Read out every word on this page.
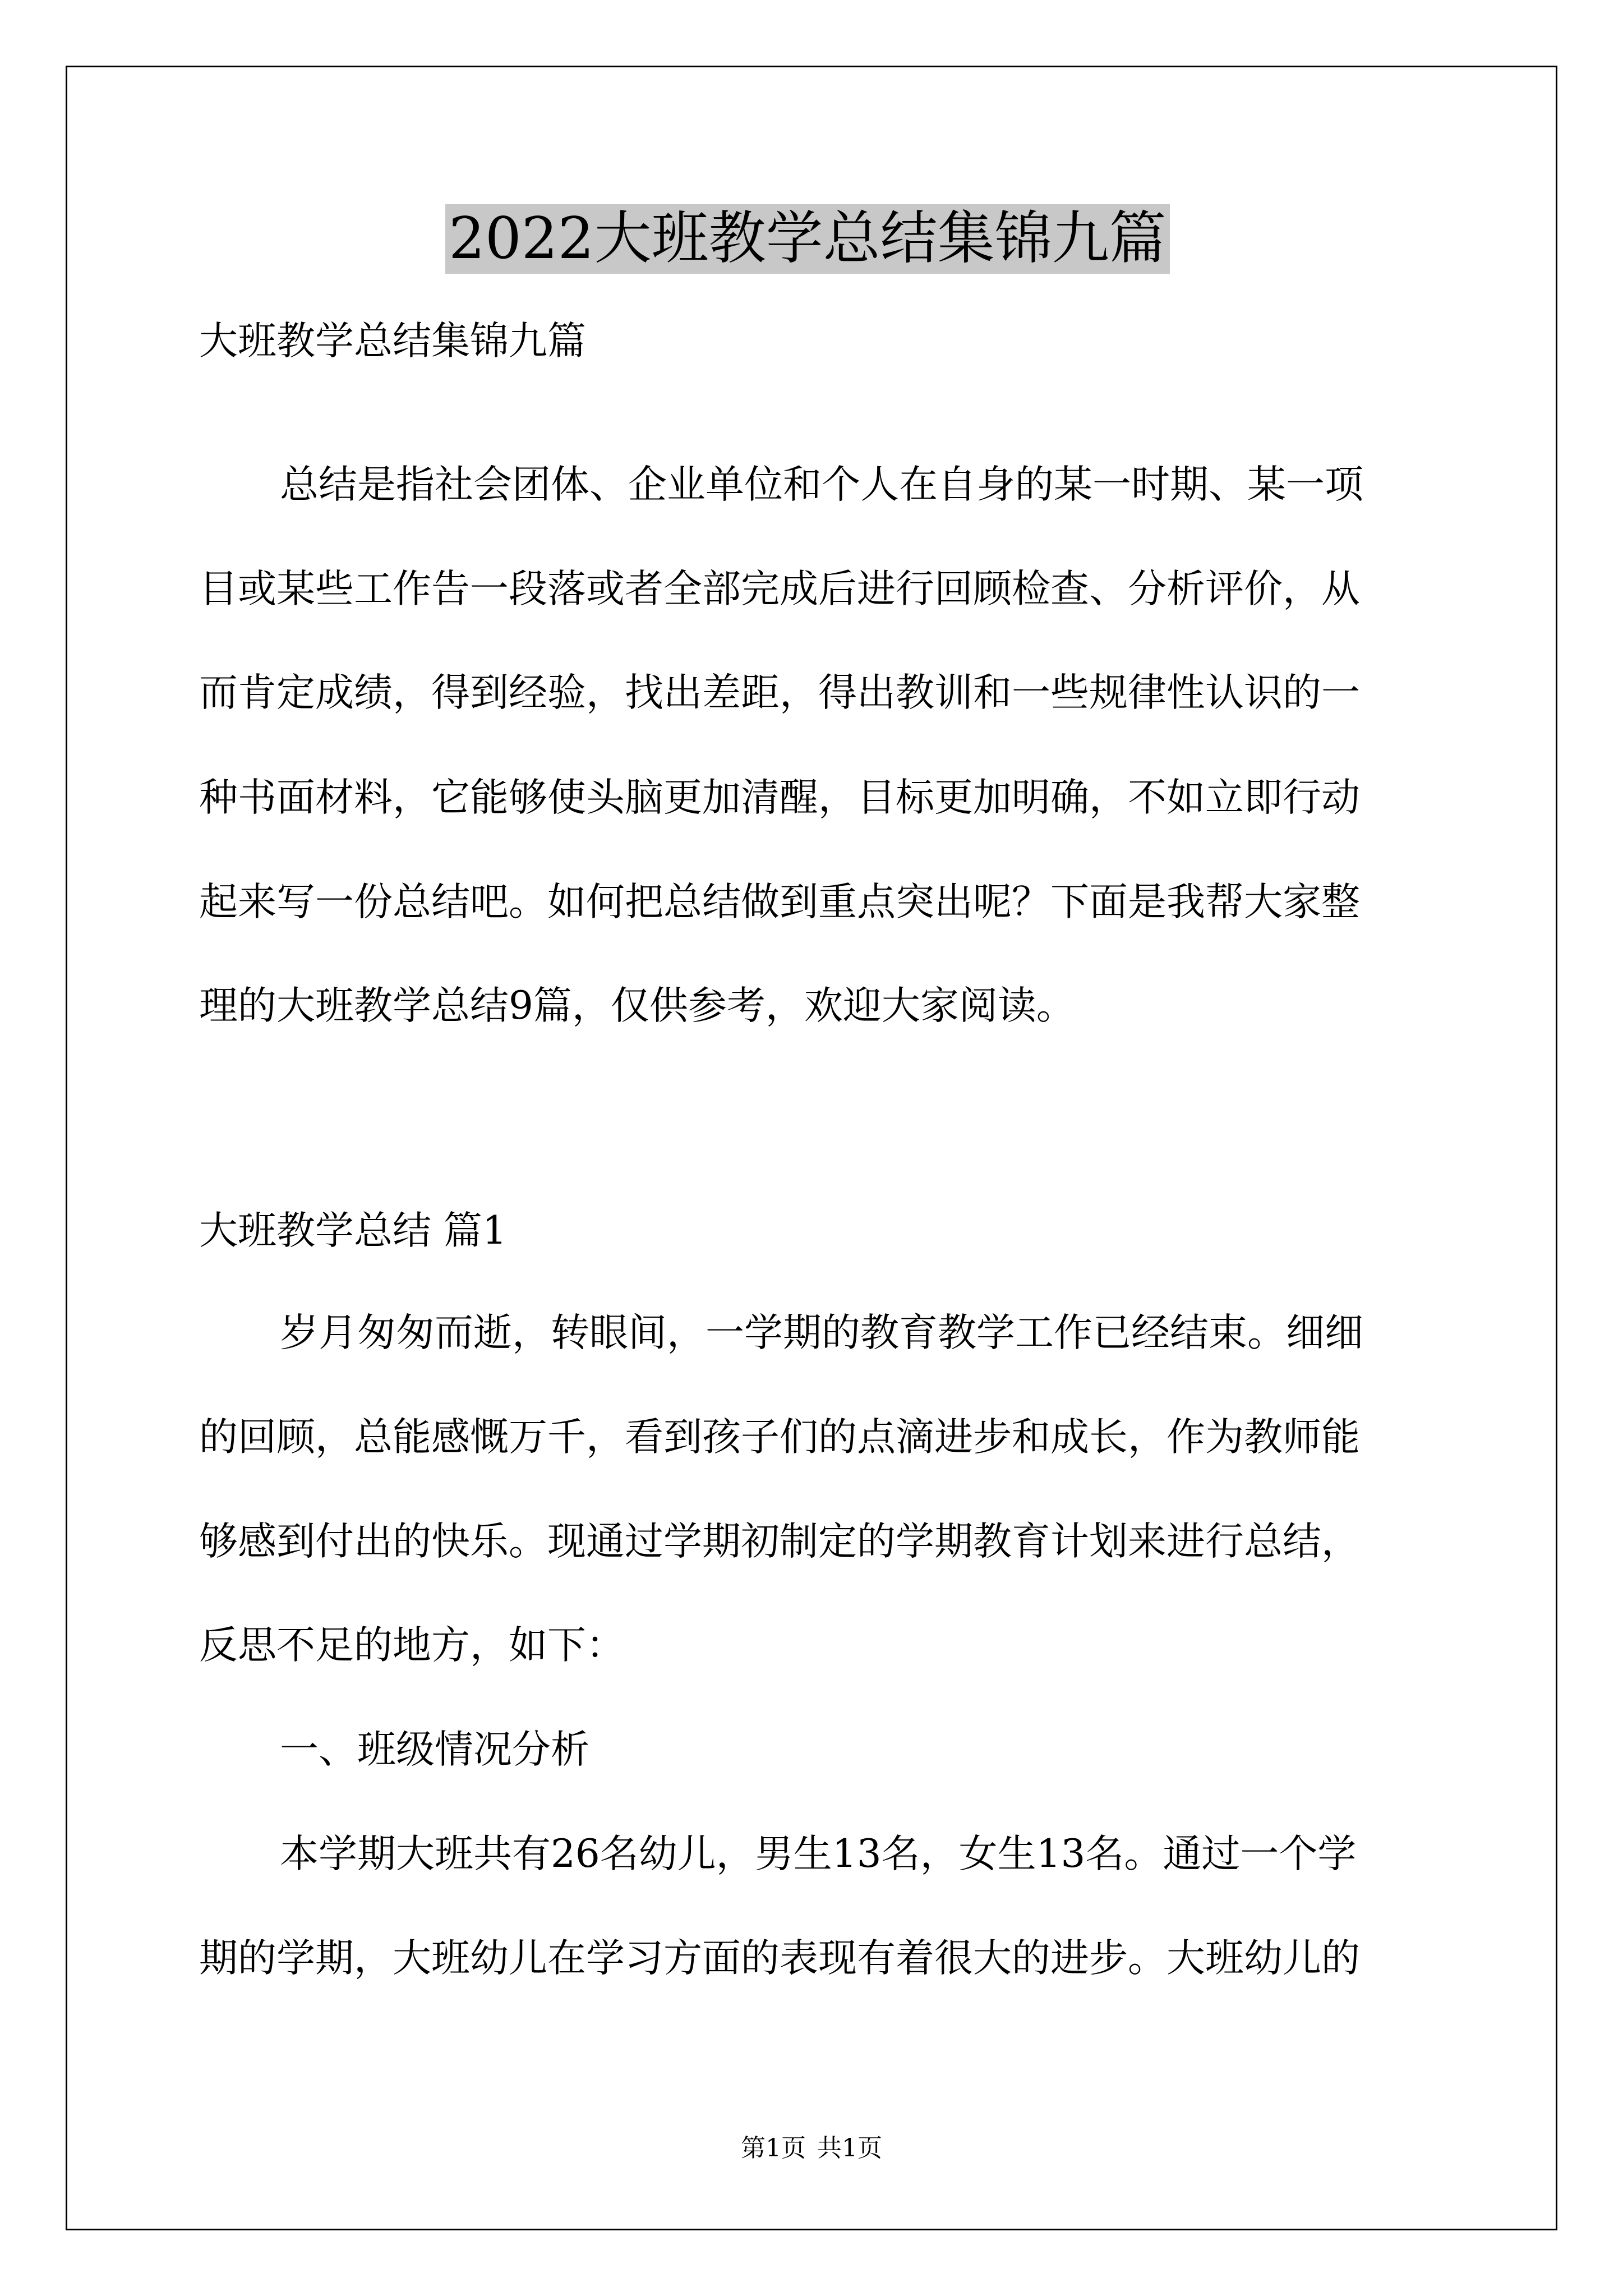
2022大班教学总结集锦九篇
大班教学总结集锦九篇
总结是指社会团体、企业单位和个人在自身的某一时期、某一项
目或某些工作告一段落或者全部完成后进行回顾检查、分析评价，从
而肯定成绩，得到经验，找出差距，得出教训和一些规律性认识的一
种书面材料，它能够使头脑更加清醒，目标更加明确，不如立即行动
起来写一份总结吧。如何把总结做到重点突出呢？下面是我帮大家整
理的大班教学总结9篇，仅供参考，欢迎大家阅读。
大班教学总结 篇1
岁月匆匆而逝，转眼间，一学期的教育教学工作已经结束。细细
的回顾，总能感慨万千，看到孩子们的点滴进步和成长，作为教师能
够感到付出的快乐。现通过学期初制定的学期教育计划来进行总结，
反思不足的地方，如下：
一、班级情况分析
本学期大班共有26名幼儿，男生13名，女生13名。通过一个学
期的学期，大班幼儿在学习方面的表现有着很大的进步。大班幼儿的
第1页 共1页
